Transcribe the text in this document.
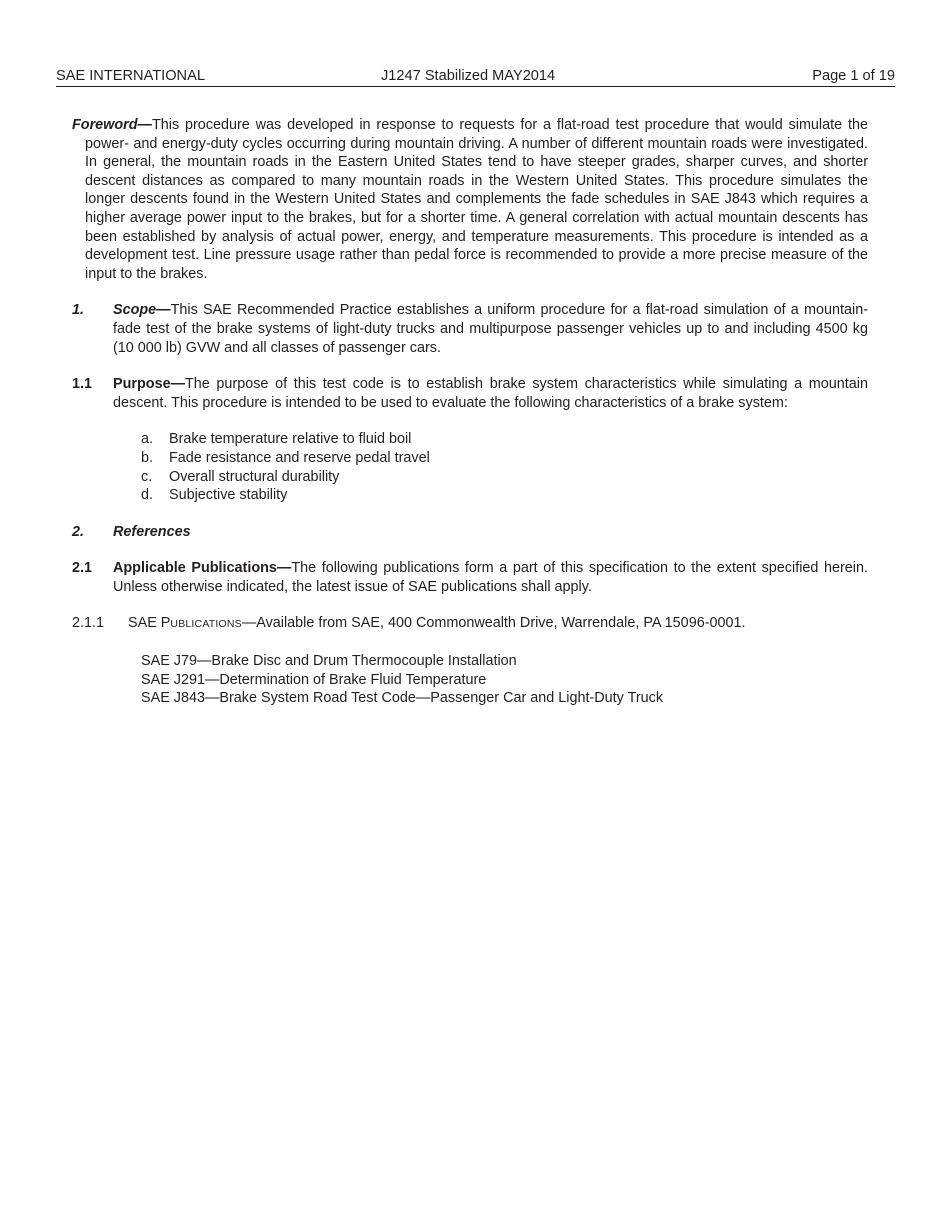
SAE INTERNATIONAL	J1247 Stabilized MAY2014	Page 1 of 19

Foreword—This procedure was developed in response to requests for a flat-road test procedure that would simulate the power- and energy-duty cycles occurring during mountain driving. A number of different mountain roads were investigated. In general, the mountain roads in the Eastern United States tend to have steeper grades, sharper curves, and shorter descent distances as compared to many mountain roads in the Western United States. This procedure simulates the longer descents found in the Western United States and complements the fade schedules in SAE J843 which requires a higher average power input to the brakes, but for a shorter time. A general correlation with actual mountain descents has been established by analysis of actual power, energy, and temperature measurements. This procedure is intended as a development test. Line pressure usage rather than pedal force is recommended to provide a more precise measure of the input to the brakes.

1. Scope—This SAE Recommended Practice establishes a uniform procedure for a flat-road simulation of a mountain-fade test of the brake systems of light-duty trucks and multipurpose passenger vehicles up to and including 4500 kg (10 000 lb) GVW and all classes of passenger cars.

1.1 Purpose—The purpose of this test code is to establish brake system characteristics while simulating a mountain descent. This procedure is intended to be used to evaluate the following characteristics of a brake system:

a. Brake temperature relative to fluid boil
b. Fade resistance and reserve pedal travel
c. Overall structural durability
d. Subjective stability
2. References

2.1 Applicable Publications—The following publications form a part of this specification to the extent specified herein. Unless otherwise indicated, the latest issue of SAE publications shall apply.

2.1.1 SAE PUBLICATIONS—Available from SAE, 400 Commonwealth Drive, Warrendale, PA 15096-0001.

SAE J79—Brake Disc and Drum Thermocouple Installation
SAE J291—Determination of Brake Fluid Temperature
SAE J843—Brake System Road Test Code—Passenger Car and Light-Duty Truck
